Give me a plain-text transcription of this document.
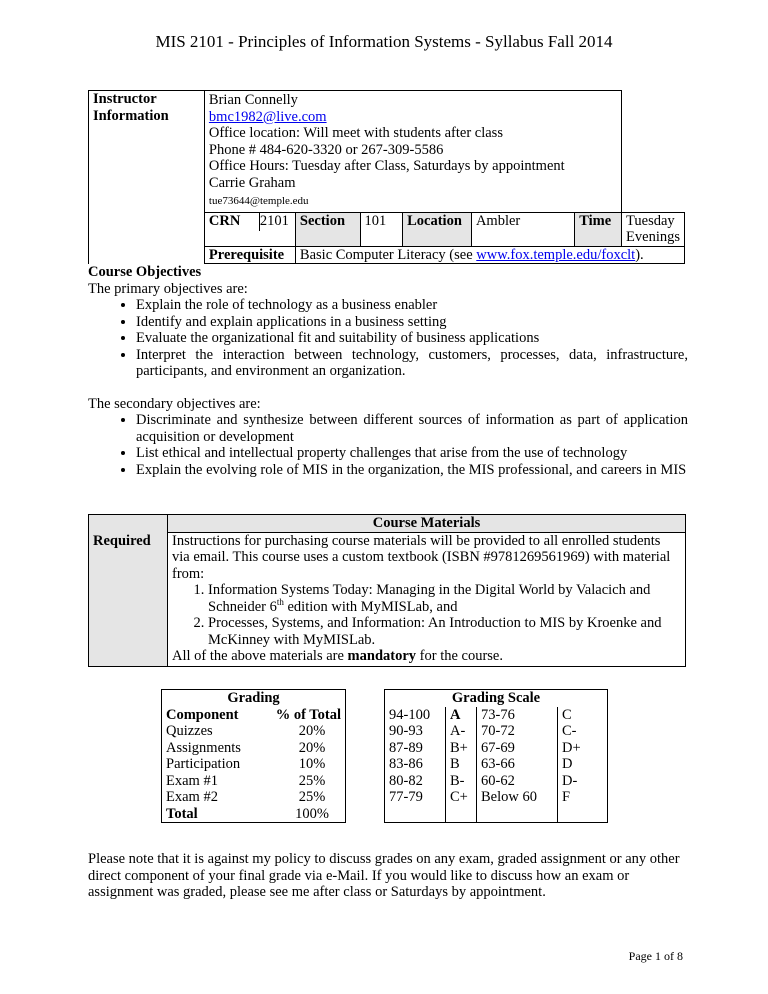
MIS 2101 - Principles of Information Systems - Syllabus Fall 2014
Instructor Information	Brian Connelly
bmc1982@live.com
Office location: Will meet with students after class
Phone # 484-620-3320 or 267-309-5586
Office Hours: Tuesday after Class, Saturdays by appointment						

	Carrie Graham						

	tue73644@temple.edu						

	CRN 2101	Section	101	Location	Ambler	Time	Tuesday Evenings
	Prerequisite	Basic Computer Literacy (see www.fox.temple.edu/foxclt).					
Course Objectives
The primary objectives are:
• Explain the role of technology as a business enabler
• Identify and explain applications in a business setting
• Evaluate the organizational fit and suitability of business applications
• Interpret the interaction between technology, customers, processes, data, infrastructure, participants, and environment an organization.
The secondary objectives are:
• Discriminate and synthesize between different sources of information as part of application acquisition or development
• List ethical and intellectual property challenges that arise from the use of technology
• Explain the evolving role of MIS in the organization, the MIS professional, and careers in MIS
Required

Course Materials
Instructions for purchasing course materials will be provided to all enrolled students via email. This course uses a custom textbook (ISBN #9781269561969) with material from:
1. Information Systems Today: Managing in the Digital World by Valacich and Schneider 6th edition with MyMISLab, and
2. Processes, Systems, and Information: An Introduction to MIS by Kroenke and McKinney with MyMISLab.
All of the above materials are mandatory for the course.
Grading	
Component	% of Total
Quizzes	20%
Assignments	20%
Participation	10%
Exam #1	25%
Exam #2	25%
Total	100%
Grading Scale			
94-100	A	73-76	C
90-93	A-	70-72	C-
87-89	B+	67-69	D+
83-86	B	63-66	D
80-82	B-	60-62	D-
77-79	C+	Below 60	F

Please note that it is against my policy to discuss grades on any exam, graded assignment or any other direct component of your final grade via e-Mail. If you would like to discuss how an exam or assignment was graded, please see me after class or Saturdays by appointment.
Page 1 of 8
